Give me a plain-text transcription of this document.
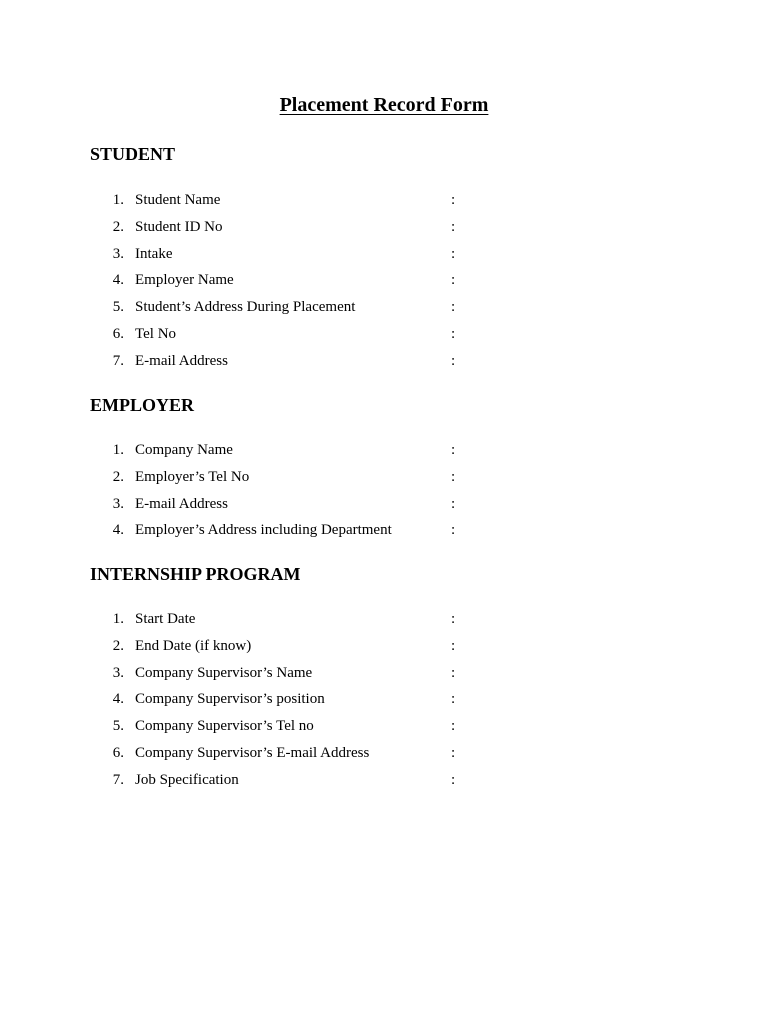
Placement Record Form
STUDENT
1. Student Name	:
2. Student ID No	:
3. Intake	:
4. Employer Name	:
5. Student’s Address During Placement	:
6. Tel No	:
7. E-mail Address	:
EMPLOYER
1. Company Name	:
2. Employer’s Tel No	:
3. E-mail Address	:
4. Employer’s Address including Department	:
INTERNSHIP PROGRAM
1. Start Date	:
2. End Date (if know)	:
3. Company Supervisor’s Name	:
4. Company Supervisor’s position	:
5. Company Supervisor’s Tel no	:
6. Company Supervisor’s E-mail Address	:
7. Job Specification	:
